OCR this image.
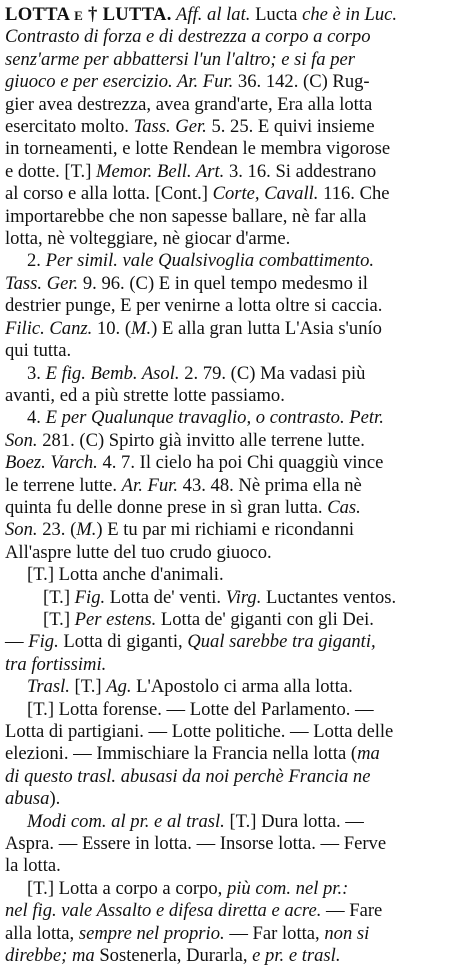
LOTTA e † LUTTA. Aff. al lat. Lucta che è in Luc.
Contrasto di forza e di destrezza a corpo a corpo
senz'arme per abbattersi l'un l'altro; e si fa per
giuoco e per esercizio. Ar. Fur. 36. 142. (C) Rug-
gier avea destrezza, avea grand'arte, Era alla lotta
esercitato molto. Tass. Ger. 5. 25. E quivi insieme
in torneamenti, e lotte Rendean le membra vigorose
e dotte. [T.] Memor. Bell. Art. 3. 16. Si addestrano
al corso e alla lotta. [Cont.] Corte, Cavall. 116. Che
importarebbe che non sapesse ballare, nè far alla
lotta, nè volteggiare, nè giocar d'arme.
2. Per simil. vale Qualsivoglia combattimento.
Tass. Ger. 9. 96. (C) E in quel tempo medesmo il
destrier punge, E per venirne a lotta oltre si caccia.
Filic. Canz. 10. (M.) E alla gran lutta L'Asia s'unío
qui tutta.
3. E fig. Bemb. Asol. 2. 79. (C) Ma vadasi più
avanti, ed a più strette lotte passiamo.
4. E per Qualunque travaglio, o contrasto. Petr.
Son. 281. (C) Spirto già invitto alle terrene lutte.
Boez. Varch. 4. 7. Il cielo ha poi Chi quaggiù vince
le terrene lutte. Ar. Fur. 43. 48. Nè prima ella nè
quinta fu delle donne prese in sì gran lutta. Cas.
Son. 23. (M.) E tu par mi richiami e ricondanni
All'aspre lutte del tuo crudo giuoco.
[T.] Lotta anche d'animali.
[T.] Fig. Lotta de' venti. Virg. Luctantes ventos.
[T.] Per estens. Lotta de' giganti con gli Dei.
— Fig. Lotta di giganti, Qual sarebbe tra giganti,
tra fortissimi.
Trasl. [T.] Ag. L'Apostolo ci arma alla lotta.
[T.] Lotta forense. — Lotte del Parlamento. —
Lotta di partigiani. — Lotte politiche. — Lotta delle
elezioni. — Immischiare la Francia nella lotta (ma
di questo trasl. abusasi da noi perchè Francia ne
abusa).
Modi com. al pr. e al trasl. [T.] Dura lotta. —
Aspra. — Essere in lotta. — Insorse lotta. — Ferve
la lotta.
[T.] Lotta a corpo a corpo, più com. nel pr.:
nel fig. vale Assalto e difesa diretta e acre. — Fare
alla lotta, sempre nel proprio. — Far lotta, non si
direbbe; ma Sostenerla, Durarla, e pr. e trasl.
